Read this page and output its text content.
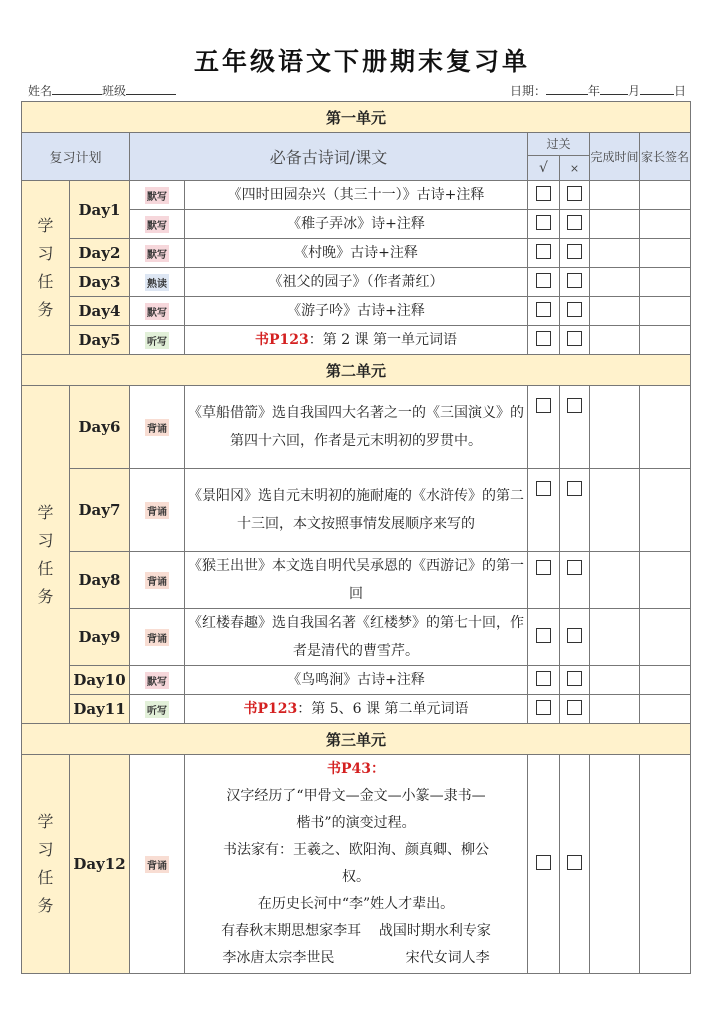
五年级语文下册期末复习单
姓名	班级	日期：	年 月	日
第一单元							
复习计划		必备古诗词/课文		过关		完成时间	家长签名
				√	×		
学
习
任
务	Day1	默写	《四时田园杂兴（其三十一）》古诗+注释				
		默写	《稚子弄冰》诗+注释				
	Day2	默写	《村晚》古诗+注释				
	Day3	熟读	《祖父的园子》（作者萧红）				
	Day4	默写	《游子吟》古诗+注释				
	Day5	听写	书P123：第 2 课 第一单元词语				
第二单元							
学
习
任
务	Day6	背诵	《草船借箭》选自我国四大名著之一的《三国演义》的第四十六回，作者是元末明初的罗贯中。				
	Day7	背诵	《景阳冈》选自元末明初的施耐庵的《水浒传》的第二十三回，本文按照事情发展顺序来写的				
	Day8	背诵	《猴王出世》本文选自明代吴承恩的《西游记》的第一回				
	Day9	背诵	《红楼春趣》选自我国名著《红楼梦》的第七十回，作者是清代的曹雪芹。				
	Day10	默写	《鸟鸣涧》古诗+注释				
	Day11	听写	书P123：第 5、6 课 第二单元词语				
第三单元							
学
习
任
务	Day12	背诵	
书P43：
汉字经历了“甲骨文—金文—小篆—隶书—
楷书”的演变过程。
书法家有：王羲之、欧阳洵、颜真卿、柳公
权。
在历史长河中“李”姓人才辈出。
有春秋末期思想家李耳    战国时期水利专家
李冰唐太宗李世民                宋代女词人李
